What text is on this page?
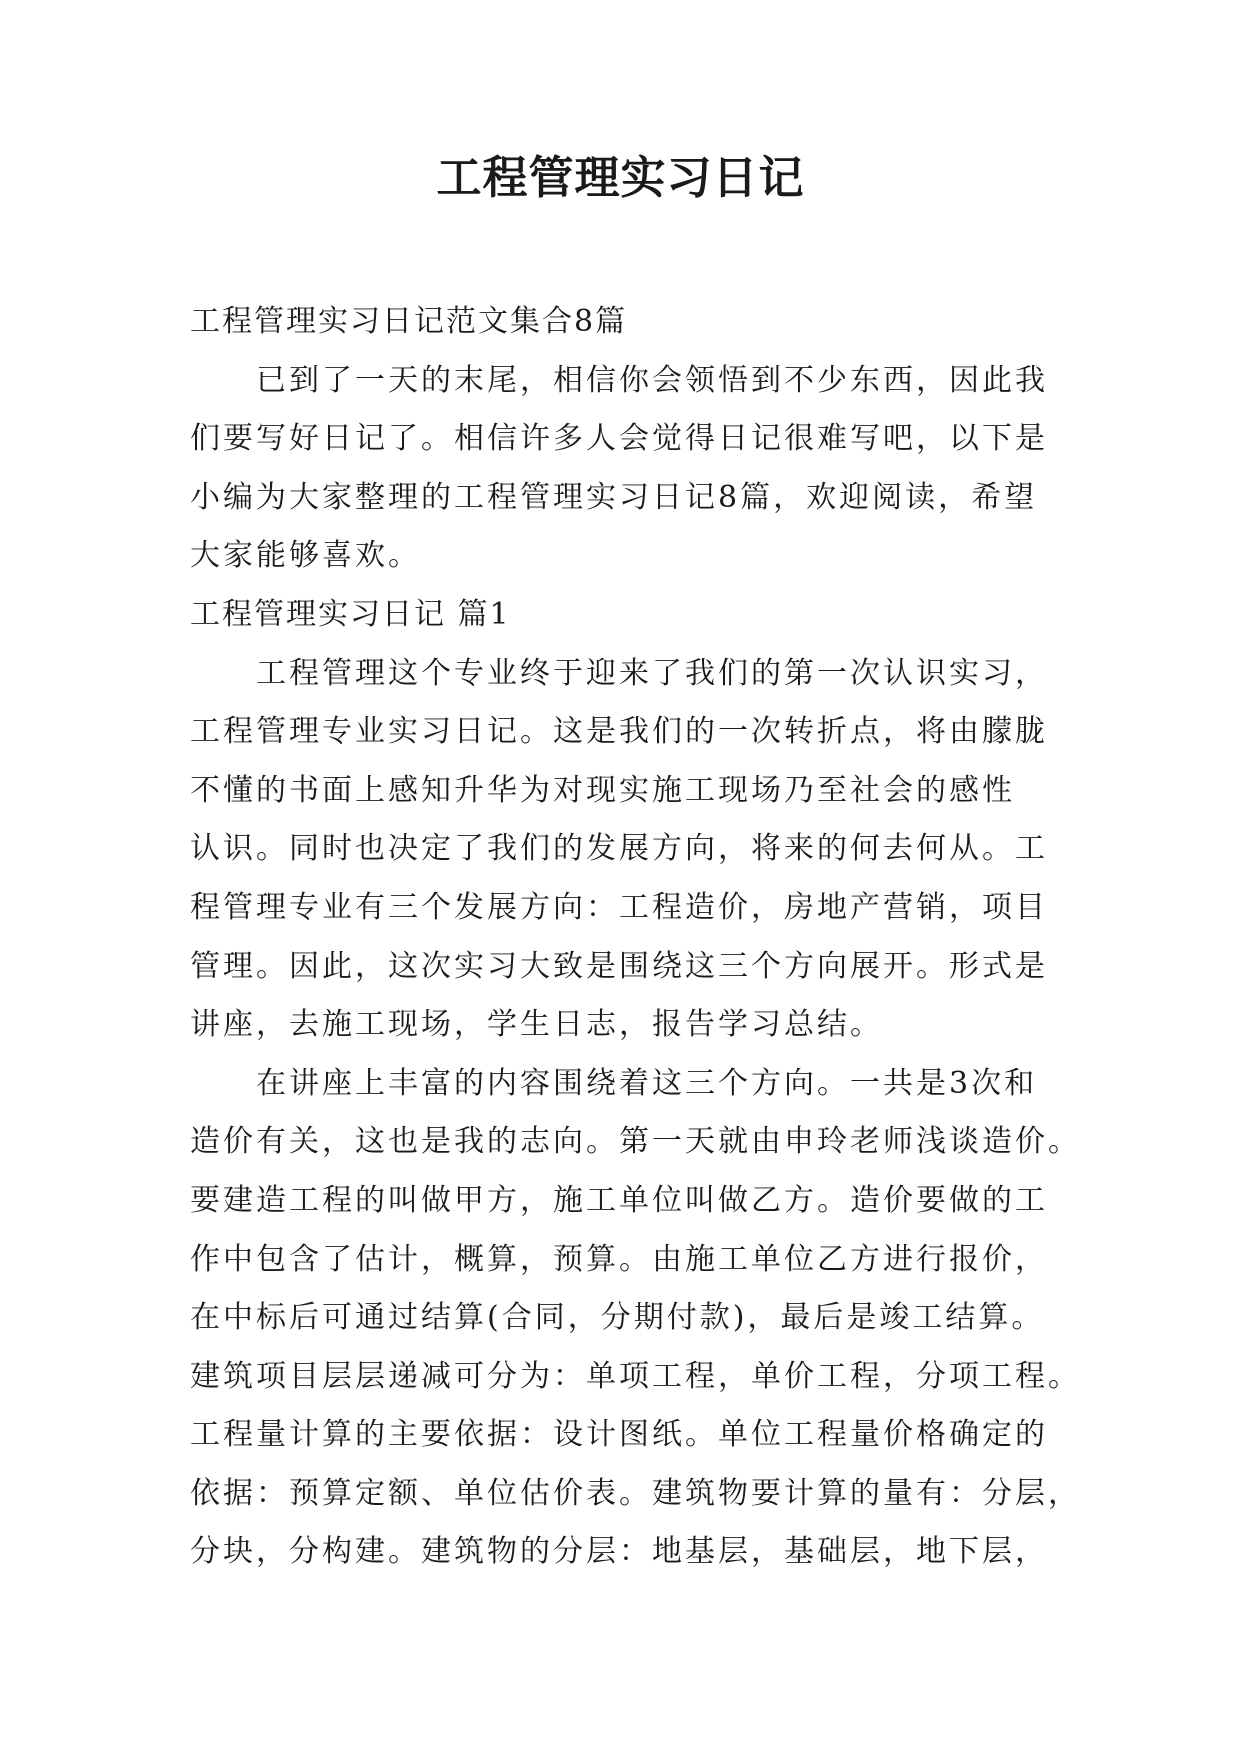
工程管理实习日记
工程管理实习日记范文集合8篇
已到了一天的末尾，相信你会领悟到不少东西，因此我
们要写好日记了。相信许多人会觉得日记很难写吧，以下是
小编为大家整理的工程管理实习日记8篇，欢迎阅读，希望
大家能够喜欢。
工程管理实习日记 篇1
工程管理这个专业终于迎来了我们的第一次认识实习，
工程管理专业实习日记。这是我们的一次转折点，将由朦胧
不懂的书面上感知升华为对现实施工现场乃至社会的感性
认识。同时也决定了我们的发展方向，将来的何去何从。工
程管理专业有三个发展方向：工程造价，房地产营销，项目
管理。因此，这次实习大致是围绕这三个方向展开。形式是
讲座，去施工现场，学生日志，报告学习总结。
在讲座上丰富的内容围绕着这三个方向。一共是3次和
造价有关，这也是我的志向。第一天就由申玲老师浅谈造价。
要建造工程的叫做甲方，施工单位叫做乙方。造价要做的工
作中包含了估计，概算，预算。由施工单位乙方进行报价，
在中标后可通过结算(合同，分期付款)，最后是竣工结算。
建筑项目层层递减可分为：单项工程，单价工程，分项工程。
工程量计算的主要依据：设计图纸。单位工程量价格确定的
依据：预算定额、单位估价表。建筑物要计算的量有：分层，
分块，分构建。建筑物的分层：地基层，基础层，地下层，
